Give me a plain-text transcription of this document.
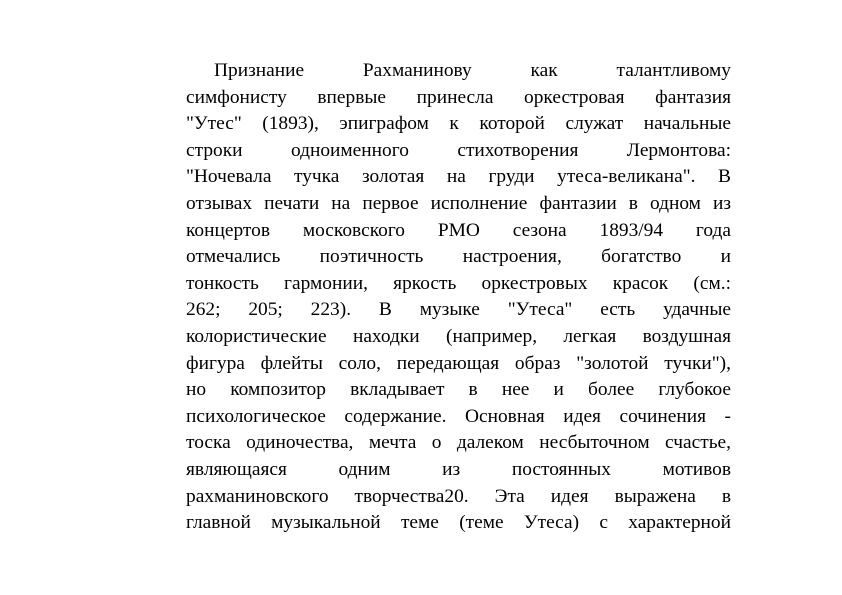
Признание Рахманинову как талантливому
симфонисту впервые принесла оркестровая фантазия
"Утес" (1893), эпиграфом к которой служат начальные
строки одноименного стихотворения Лермонтова:
"Ночевала тучка золотая на груди утеса-великана". В
отзывах печати на первое исполнение фантазии в одном из
концертов московского РМО сезона 1893/94 года
отмечались поэтичность настроения, богатство и
тонкость гармонии, яркость оркестровых красок (см.:
262; 205; 223). В музыке "Утеса" есть удачные
колористические находки (например, легкая воздушная
фигура флейты соло, передающая образ "золотой тучки"),
но композитор вкладывает в нее и более глубокое
психологическое содержание. Основная идея сочинения -
тоска одиночества, мечта о далеком несбыточном счастье,
являющаяся одним из постоянных мотивов
рахманиновского творчества20. Эта идея выражена в
главной музыкальной теме (теме Утеса) с характерной
